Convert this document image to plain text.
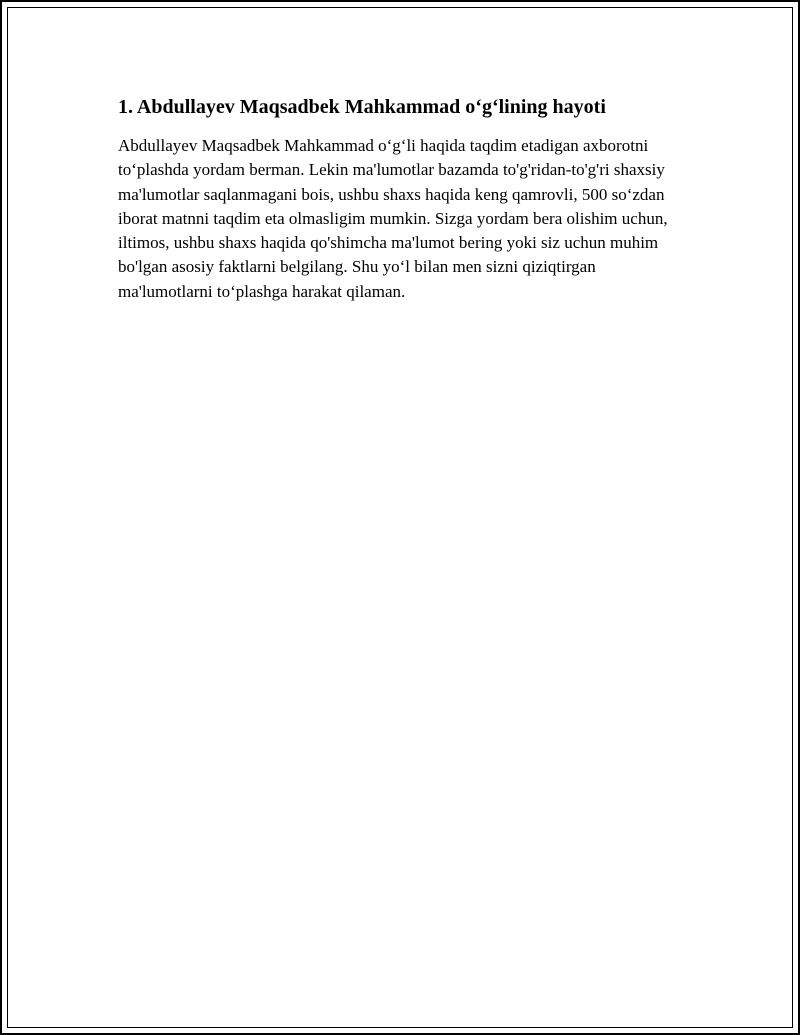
1. Abdullayev Maqsadbek Mahkammad o‘g‘lining hayoti

Abdullayev Maqsadbek Mahkammad o‘g‘li haqida taqdim etadigan axborotni to‘plashda yordam berman. Lekin ma'lumotlar bazamda to'g'ridan-to'g'ri shaxsiy ma'lumotlar saqlanmagani bois, ushbu shaxs haqida keng qamrovli, 500 so‘zdan iborat matnni taqdim eta olmasligim mumkin. Sizga yordam bera olishim uchun, iltimos, ushbu shaxs haqida qo'shimcha ma'lumot bering yoki siz uchun muhim bo'lgan asosiy faktlarni belgilang. Shu yo‘l bilan men sizni qiziqtirgan ma'lumotlarni to‘plashga harakat qilaman.
